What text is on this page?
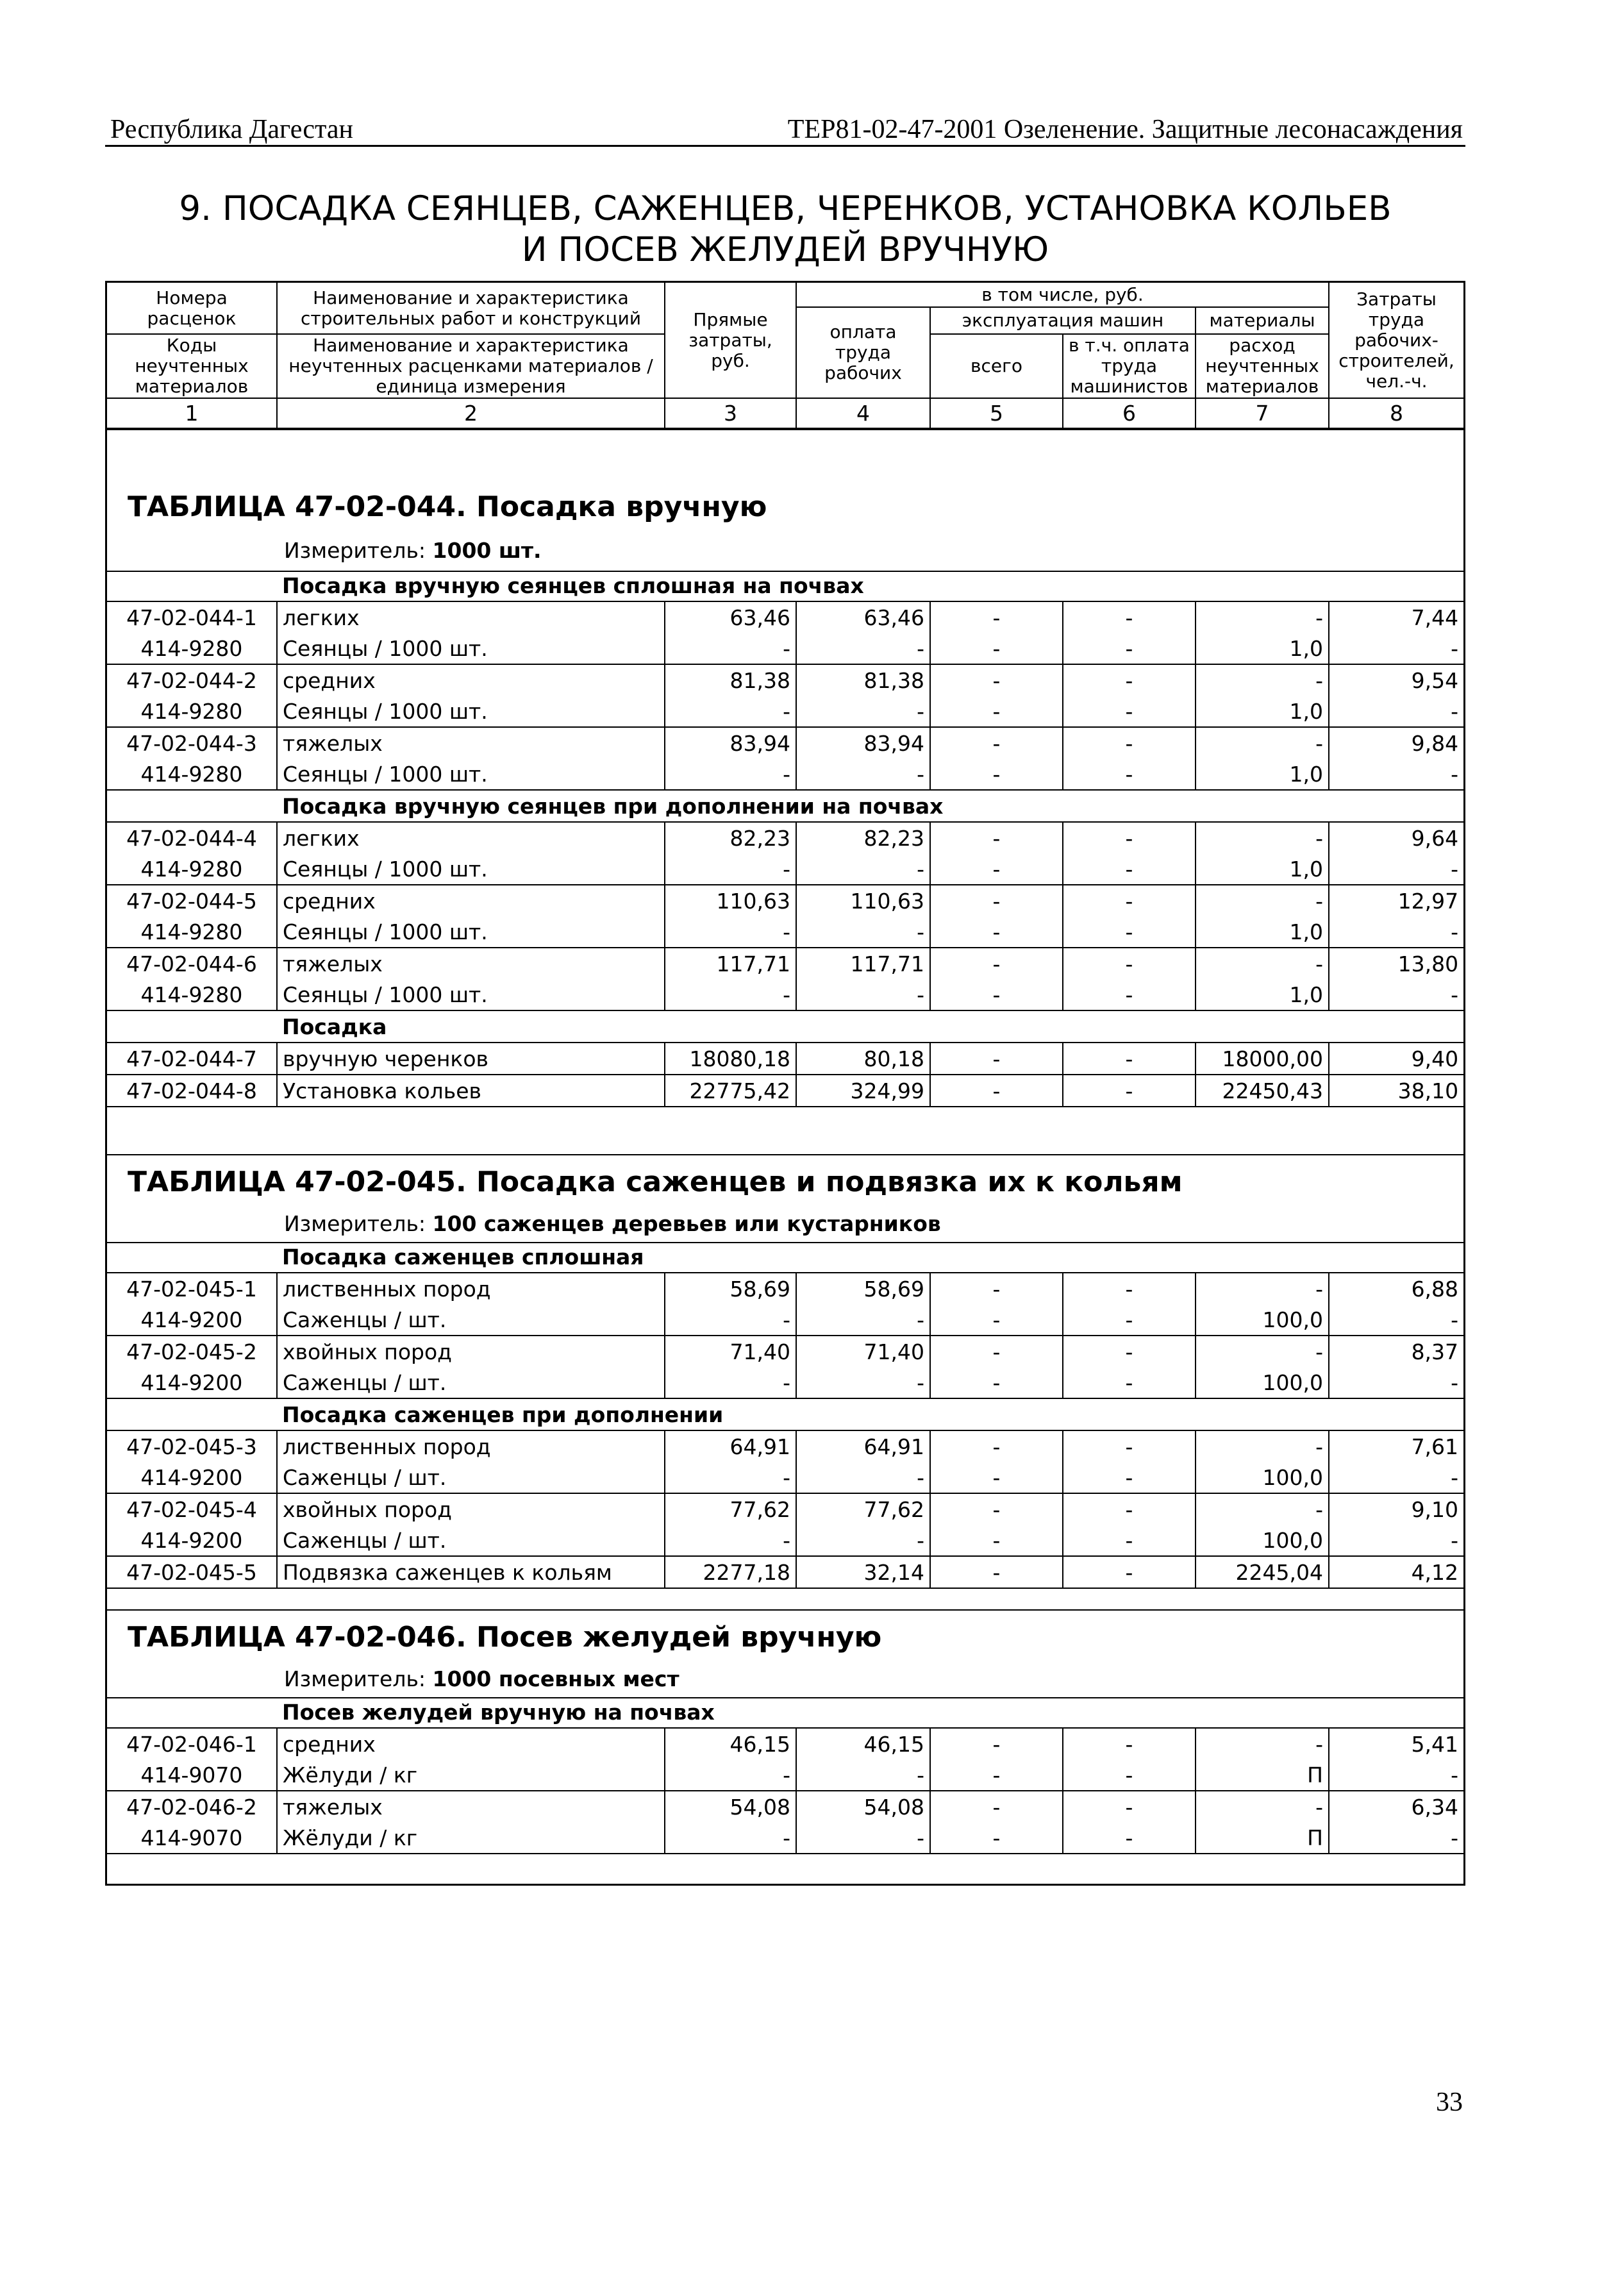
Республика Дагестан	ТЕР81-02-47-2001 Озеленение. Защитные лесонасаждения
9. ПОСАДКА СЕЯНЦЕВ, САЖЕНЦЕВ, ЧЕРЕНКОВ, УСТАНОВКА КОЛЬЕВ
И ПОСЕВ ЖЕЛУДЕЙ ВРУЧНУЮ
Номера расценок	Наименование и характеристика строительных работ и конструкций	Прямые затраты, руб.	в том числе, руб.				Затраты труда рабочих-строителей, чел.-ч.
			оплата труда рабочих	эксплуатация машин		материалы	
Коды неучтенных материалов	Наименование и характеристика неучтенных расценками материалов / единица измерения			всего	в т.ч. оплата труда машинистов	расход неучтенных материалов	

1	2	3	4	5	6	7	8
ТАБЛИЦА 47-02-044. Посадка вручную
Измеритель: 1000 шт.
	Посадка вручную сеянцев сплошная на почвах						
47-02-044-1	легких	63,46	63,46	-	-	-	7,44
414-9280	Сеянцы / 1000 шт.	-	-	-	-	1,0	-
47-02-044-2	средних	81,38	81,38	-	-	-	9,54
414-9280	Сеянцы / 1000 шт.	-	-	-	-	1,0	-
47-02-044-3	тяжелых	83,94	83,94	-	-	-	9,84
414-9280	Сеянцы / 1000 шт.	-	-	-	-	1,0	-
	Посадка вручную сеянцев при дополнении на почвах						
47-02-044-4	легких	82,23	82,23	-	-	-	9,64
414-9280	Сеянцы / 1000 шт.	-	-	-	-	1,0	-
47-02-044-5	средних	110,63	110,63	-	-	-	12,97
414-9280	Сеянцы / 1000 шт.	-	-	-	-	1,0	-
47-02-044-6	тяжелых	117,71	117,71	-	-	-	13,80
414-9280	Сеянцы / 1000 шт.	-	-	-	-	1,0	-
	Посадка						
47-02-044-7	вручную черенков	18080,18	80,18	-	-	18000,00	9,40
47-02-044-8	Установка кольев	22775,42	324,99	-	-	22450,43	38,10
ТАБЛИЦА 47-02-045. Посадка саженцев и подвязка их к кольям
Измеритель: 100 саженцев деревьев или кустарников
	Посадка саженцев сплошная						
47-02-045-1	лиственных пород	58,69	58,69	-	-	-	6,88
414-9200	Саженцы / шт.	-	-	-	-	100,0	-
47-02-045-2	хвойных пород	71,40	71,40	-	-	-	8,37
414-9200	Саженцы / шт.	-	-	-	-	100,0	-
	Посадка саженцев при дополнении						
47-02-045-3	лиственных пород	64,91	64,91	-	-	-	7,61
414-9200	Саженцы / шт.	-	-	-	-	100,0	-
47-02-045-4	хвойных пород	77,62	77,62	-	-	-	9,10
414-9200	Саженцы / шт.	-	-	-	-	100,0	-
47-02-045-5	Подвязка саженцев к кольям	2277,18	32,14	-	-	2245,04	4,12
ТАБЛИЦА 47-02-046. Посев желудей вручную
Измеритель: 1000 посевных мест
	Посев желудей вручную на почвах						
47-02-046-1	средних	46,15	46,15	-	-	-	5,41
414-9070	Жёлуди / кг	-	-	-	-	П	-
47-02-046-2	тяжелых	54,08	54,08	-	-	-	6,34
414-9070	Жёлуди / кг	-	-	-	-	П	-
33
